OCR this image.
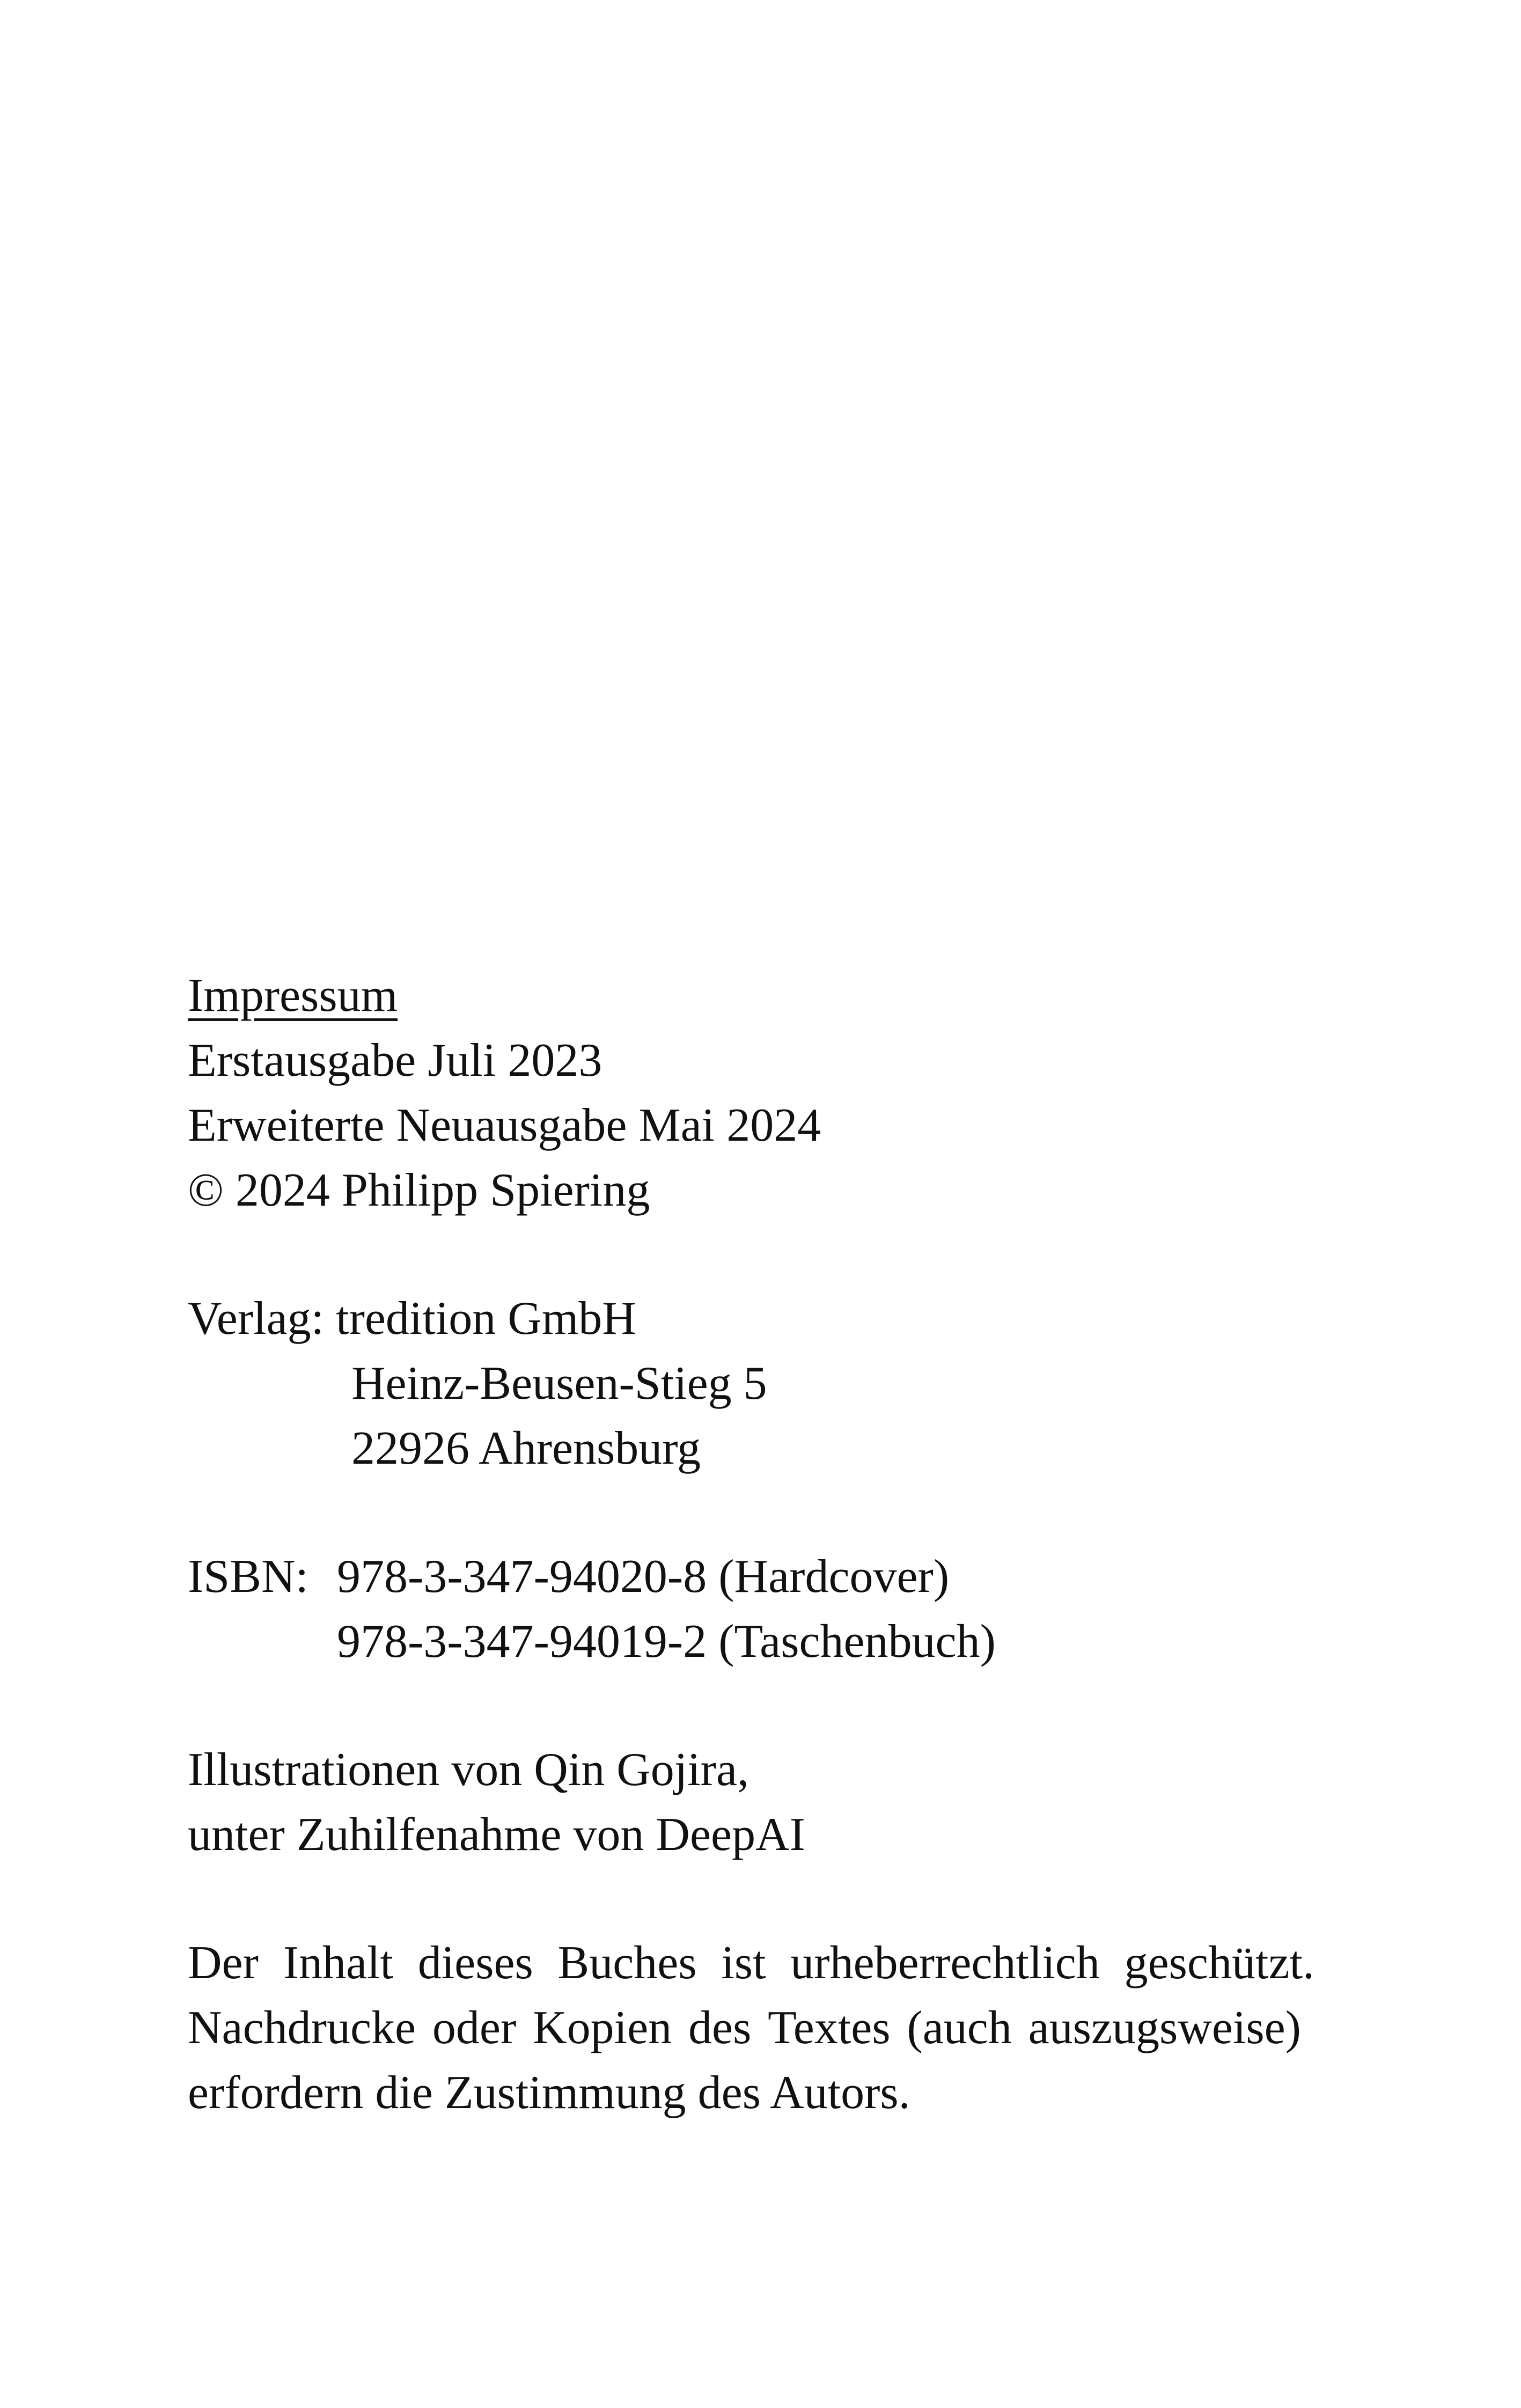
Impressum
Erstausgabe Juli 2023
Erweiterte Neuausgabe Mai 2024
© 2024 Philipp Spiering
Verlag: tredition GmbH
Heinz-Beusen-Stieg 5
22926 Ahrensburg
ISBN: 978-3-347-94020-8 (Hardcover)
978-3-347-94019-2 (Taschenbuch)
Illustrationen von Qin Gojira,
unter Zuhilfenahme von DeepAI
Der Inhalt dieses Buches ist urheberrechtlich geschützt.
Nachdrucke oder Kopien des Textes (auch auszugsweise)
erfordern die Zustimmung des Autors.
